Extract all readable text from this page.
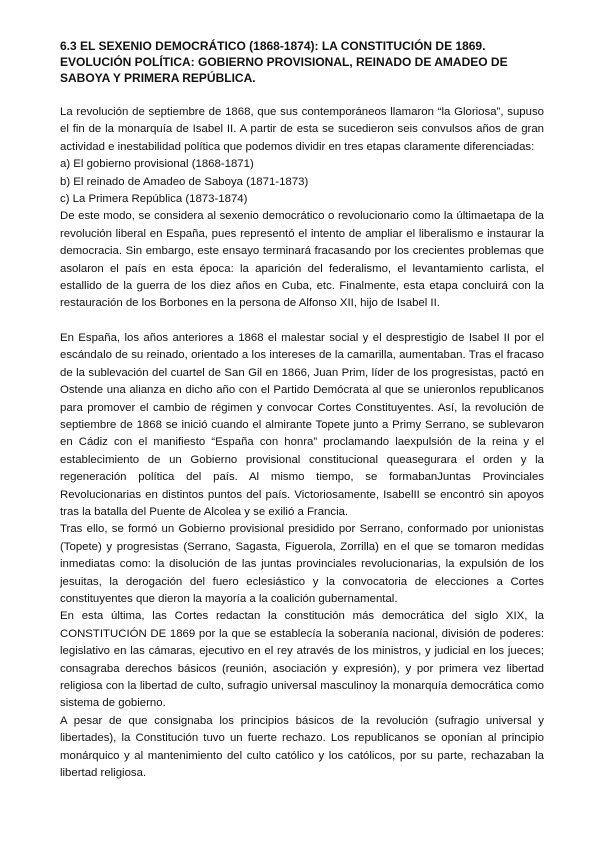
6.3 EL SEXENIO DEMOCRÁTICO (1868-1874): LA CONSTITUCIÓN DE 1869. EVOLUCIÓN POLÍTICA: GOBIERNO PROVISIONAL, REINADO DE AMADEO DE SABOYA Y PRIMERA REPÚBLICA.

La revolución de septiembre de 1868, que sus contemporáneos llamaron “la Gloriosa”, supuso el fin de la monarquía de Isabel II. A partir de esta se sucedieron seis convulsos años de gran actividad e inestabilidad política que podemos dividir en tres etapas claramente diferenciadas:

a) El gobierno provisional (1868-1871)
b) El reinado de Amadeo de Saboya (1871-1873)
c) La Primera República (1873-1874)

De este modo, se considera al sexenio democrático o revolucionario como la últimaetapa de la revolución liberal en España, pues representó el intento de ampliar el liberalismo e instaurar la democracia. Sin embargo, este ensayo terminará fracasando por los crecientes problemas que asolaron el país en esta época: la aparición del federalismo, el levantamiento carlista, el estallido de la guerra de los diez años en Cuba, etc. Finalmente, esta etapa concluirá con la restauración de los Borbones en la persona de Alfonso XII, hijo de Isabel II.

En España, los años anteriores a 1868 el malestar social y el desprestigio de Isabel II por el escándalo de su reinado, orientado a los intereses de la camarilla, aumentaban. Tras el fracaso de la sublevación del cuartel de San Gil en 1866, Juan Prim, líder de los progresistas, pactó en Ostende una alianza en dicho año con el Partido Demócrata al que se unieronlos republicanos para promover el cambio de régimen y convocar Cortes Constituyentes. Así, la revolución de septiembre de 1868 se inició cuando el almirante Topete junto a Primy Serrano, se sublevaron en Cádiz con el manifiesto “España con honra” proclamando laexpulsión de la reina y el establecimiento de un Gobierno provisional constitucional queasegurara el orden y la regeneración política del país. Al mismo tiempo, se formabanJuntas Provinciales Revolucionarias en distintos puntos del país. Victoriosamente, IsabelII se encontró sin apoyos tras la batalla del Puente de Alcolea y se exilió a Francia.

Tras ello, se formó un Gobierno provisional presidido por Serrano, conformado por unionistas (Topete) y progresistas (Serrano, Sagasta, Figuerola, Zorrilla) en el que se tomaron medidas inmediatas como: la disolución de las juntas provinciales revolucionarias, la expulsión de los jesuitas, la derogación del fuero eclesiástico y la convocatoria de elecciones a Cortes constituyentes que dieron la mayoría a la coalición gubernamental.

En esta última, las Cortes redactan la constitución más democrática del siglo XIX, la CONSTITUCIÓN DE 1869 por la que se establecía la soberanía nacional, división de poderes: legislativo en las cámaras, ejecutivo en el rey através de los ministros, y judicial en los jueces; consagraba derechos básicos (reunión, asociación y expresión), y por primera vez libertad religiosa con la libertad de culto, sufragio universal masculinoy la monarquía democrática como sistema de gobierno.

A pesar de que consignaba los principios básicos de la revolución (sufragio universal y libertades), la Constitución tuvo un fuerte rechazo. Los republicanos se oponían al principio monárquico y al mantenimiento del culto católico y los católicos, por su parte, rechazaban la libertad religiosa.
